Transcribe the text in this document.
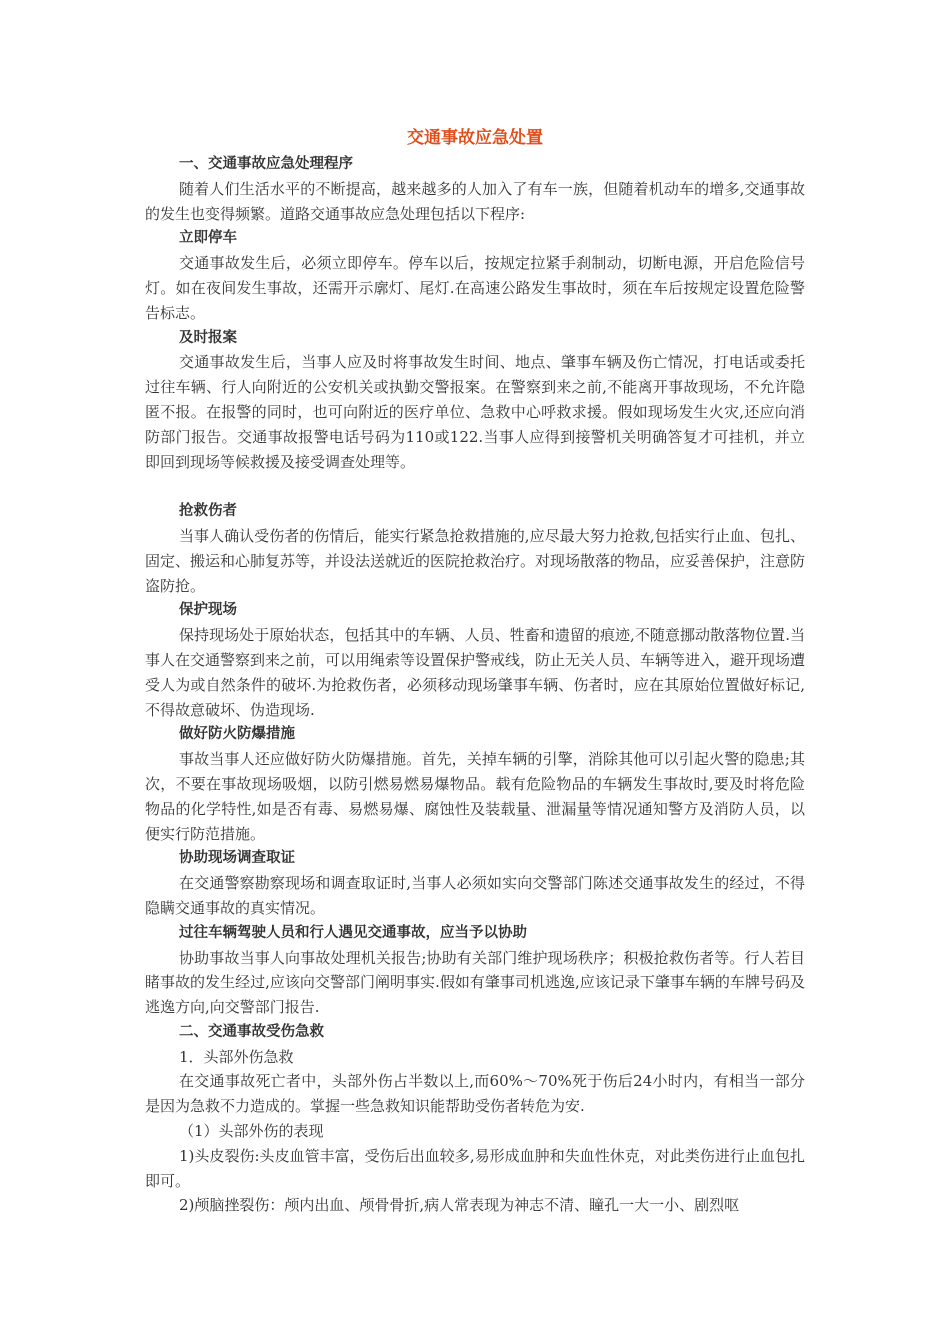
交通事故应急处置
一、交通事故应急处理程序

随着人们生活水平的不断提高，越来越多的人加入了有车一族，但随着机动车的增多,交通事故的发生也变得频繁。道路交通事故应急处理包括以下程序:

立即停车

交通事故发生后，必须立即停车。停车以后，按规定拉紧手刹制动，切断电源，开启危险信号灯。如在夜间发生事故，还需开示廓灯、尾灯.在高速公路发生事故时，须在车后按规定设置危险警告标志。

及时报案

交通事故发生后，当事人应及时将事故发生时间、地点、肇事车辆及伤亡情况，打电话或委托过往车辆、行人向附近的公安机关或执勤交警报案。在警察到来之前,不能离开事故现场，不允许隐匿不报。在报警的同时，也可向附近的医疗单位、急救中心呼救求援。假如现场发生火灾,还应向消防部门报告。交通事故报警电话号码为110或122.当事人应得到接警机关明确答复才可挂机，并立即回到现场等候救援及接受调查处理等。

抢救伤者

当事人确认受伤者的伤情后，能实行紧急抢救措施的,应尽最大努力抢救,包括实行止血、包扎、固定、搬运和心肺复苏等，并设法送就近的医院抢救治疗。对现场散落的物品，应妥善保护，注意防盗防抢。

保护现场

保持现场处于原始状态，包括其中的车辆、人员、牲畜和遗留的痕迹,不随意挪动散落物位置.当事人在交通警察到来之前，可以用绳索等设置保护警戒线，防止无关人员、车辆等进入，避开现场遭受人为或自然条件的破坏.为抢救伤者，必须移动现场肇事车辆、伤者时，应在其原始位置做好标记,不得故意破坏、伪造现场.

做好防火防爆措施

事故当事人还应做好防火防爆措施。首先，关掉车辆的引擎，消除其他可以引起火警的隐患;其次，不要在事故现场吸烟，以防引燃易燃易爆物品。载有危险物品的车辆发生事故时,要及时将危险物品的化学特性,如是否有毒、易燃易爆、腐蚀性及装载量、泄漏量等情况通知警方及消防人员，以便实行防范措施。

协助现场调查取证

在交通警察勘察现场和调查取证时,当事人必须如实向交警部门陈述交通事故发生的经过，不得隐瞒交通事故的真实情况。

过往车辆驾驶人员和行人遇见交通事故，应当予以协助

协助事故当事人向事故处理机关报告;协助有关部门维护现场秩序；积极抢救伤者等。行人若目睹事故的发生经过,应该向交警部门阐明事实.假如有肇事司机逃逸,应该记录下肇事车辆的车牌号码及逃逸方向,向交警部门报告.

二、交通事故受伤急救
1．头部外伤急救

在交通事故死亡者中，头部外伤占半数以上,而60%～70%死于伤后24小时内，有相当一部分是因为急救不力造成的。掌握一些急救知识能帮助受伤者转危为安.

（1）头部外伤的表现

1)头皮裂伤:头皮血管丰富，受伤后出血较多,易形成血肿和失血性休克，对此类伤进行止血包扎即可。

2)颅脑挫裂伤：颅内出血、颅骨骨折,病人常表现为神志不清、瞳孔一大一小、剧烈呕
